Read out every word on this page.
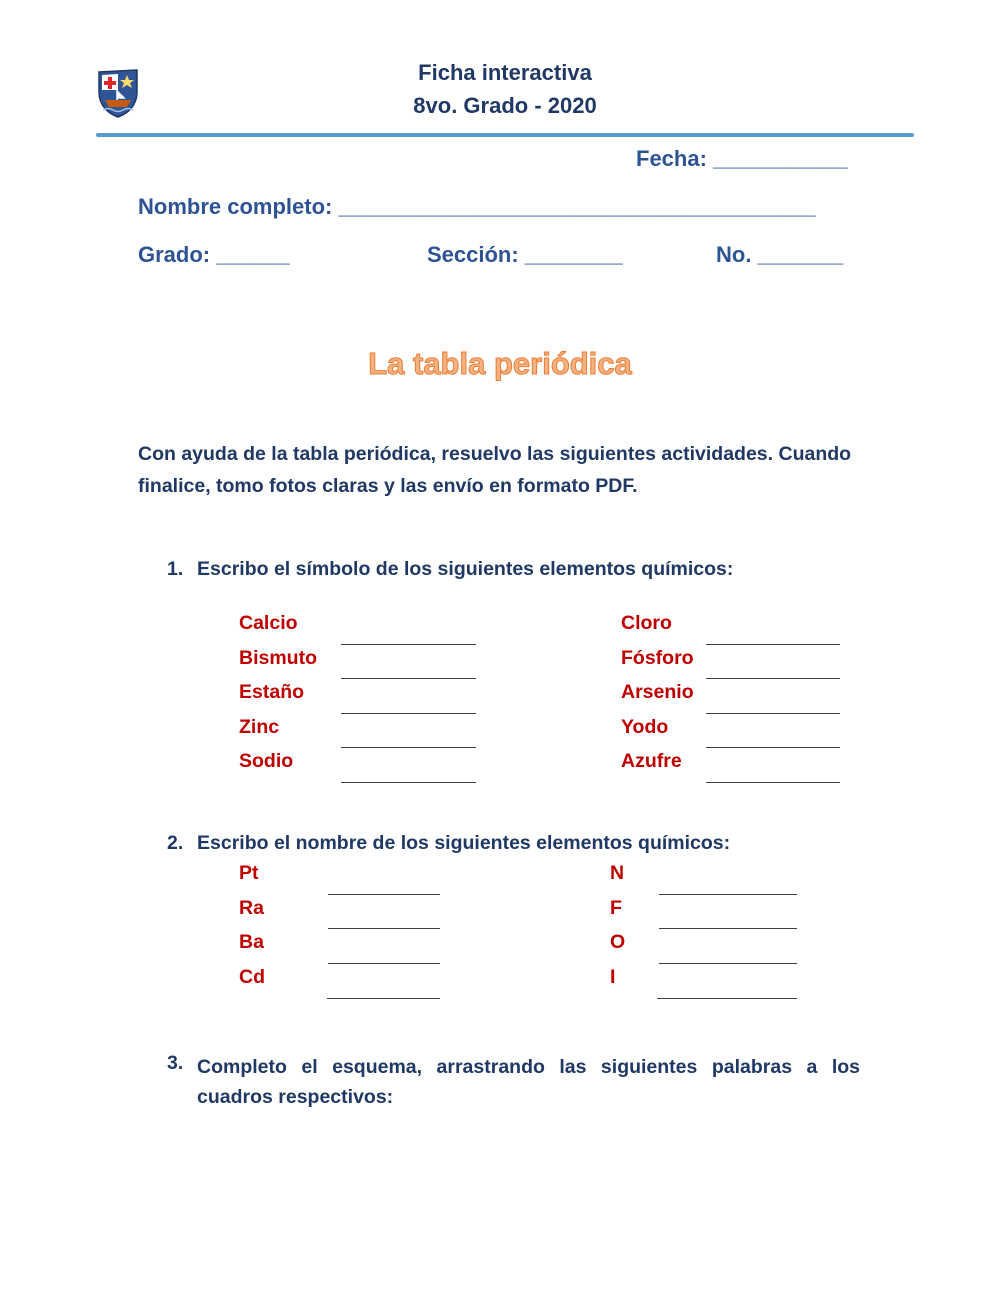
Ficha interactiva
8vo. Grado - 2020
Fecha: ___________
Nombre completo: _______________________________________
Grado: ______	Sección: ________	No. _______
La tabla periódica
Con ayuda de la tabla periódica, resuelvo las siguientes actividades. Cuando finalice, tomo fotos claras y las envío en formato PDF.
1. Escribo el símbolo de los siguientes elementos químicos:
Calcio
Bismuto
Estaño
Zinc
Sodio
Cloro
Fósforo
Arsenio
Yodo
Azufre
2. Escribo el nombre de los siguientes elementos químicos:
Pt
Ra
Ba
Cd
N
F
O
I
3. Completo el esquema, arrastrando las siguientes palabras a los cuadros respectivos:
